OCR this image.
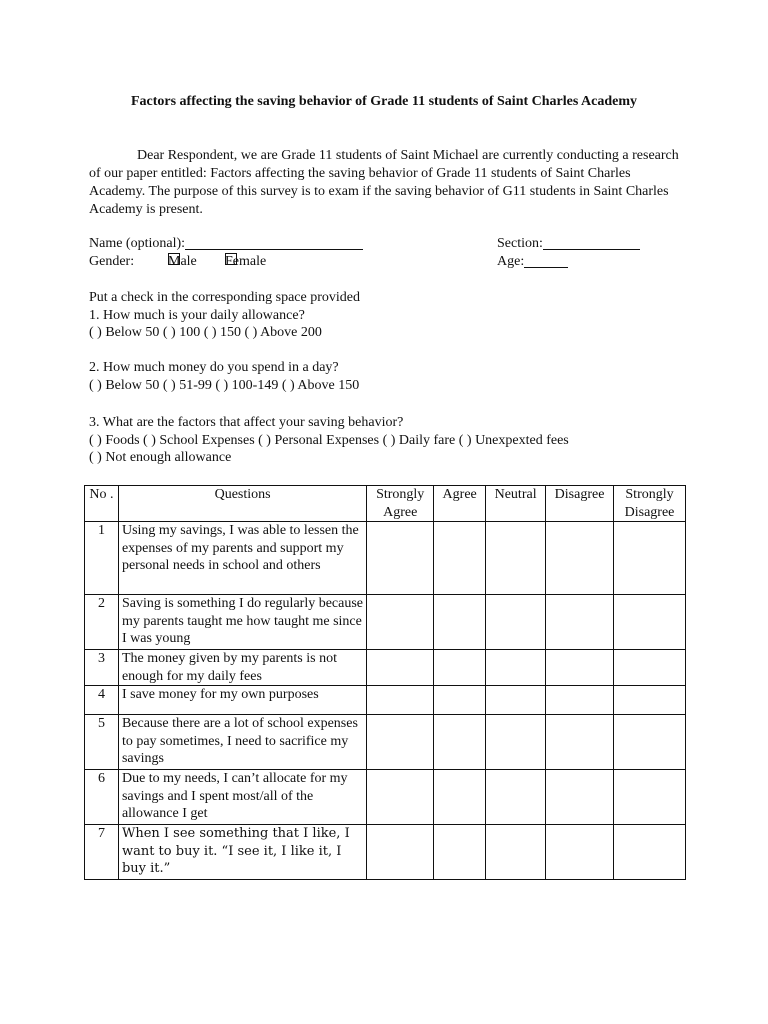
Factors affecting the saving behavior of Grade 11 students of Saint Charles Academy
Dear Respondent, we are Grade 11 students of Saint Michael are currently conducting a research of our paper entitled: Factors affecting the saving behavior of Grade 11 students of Saint Charles Academy. The purpose of this survey is to exam if the saving behavior of G11 students in Saint Charles Academy is present.
Name (optional):	Section:
Gender: Male Female	Age:
Put a check in the corresponding space provided
1. How much is your daily allowance?
( ) Below 50 ( ) 100 ( ) 150 ( ) Above 200
2. How much money do you spend in a day?
( ) Below 50 ( ) 51-99 ( ) 100-149 ( ) Above 150
3. What are the factors that affect your saving behavior?
( ) Foods ( ) School Expenses ( ) Personal Expenses ( ) Daily fare ( ) Unexpexted fees
( ) Not enough allowance
No .	Questions	Strongly Agree	Agree	Neutral	Disagree	Strongly Disagree
1	Using my savings, I was able to lessen the expenses of my parents and support my personal needs in school and others					
2	Saving is something I do regularly because my parents taught me how taught me since I was young					
3	The money given by my parents is not enough for my daily fees					
4	I save money for my own purposes					
5	Because there are a lot of school expenses to pay sometimes, I need to sacrifice my savings					
6	Due to my needs, I can’t allocate for my savings and I spent most/all of the allowance I get					
7	When I see something that I like, I want to buy it. “I see it, I like it, I buy it.”					
